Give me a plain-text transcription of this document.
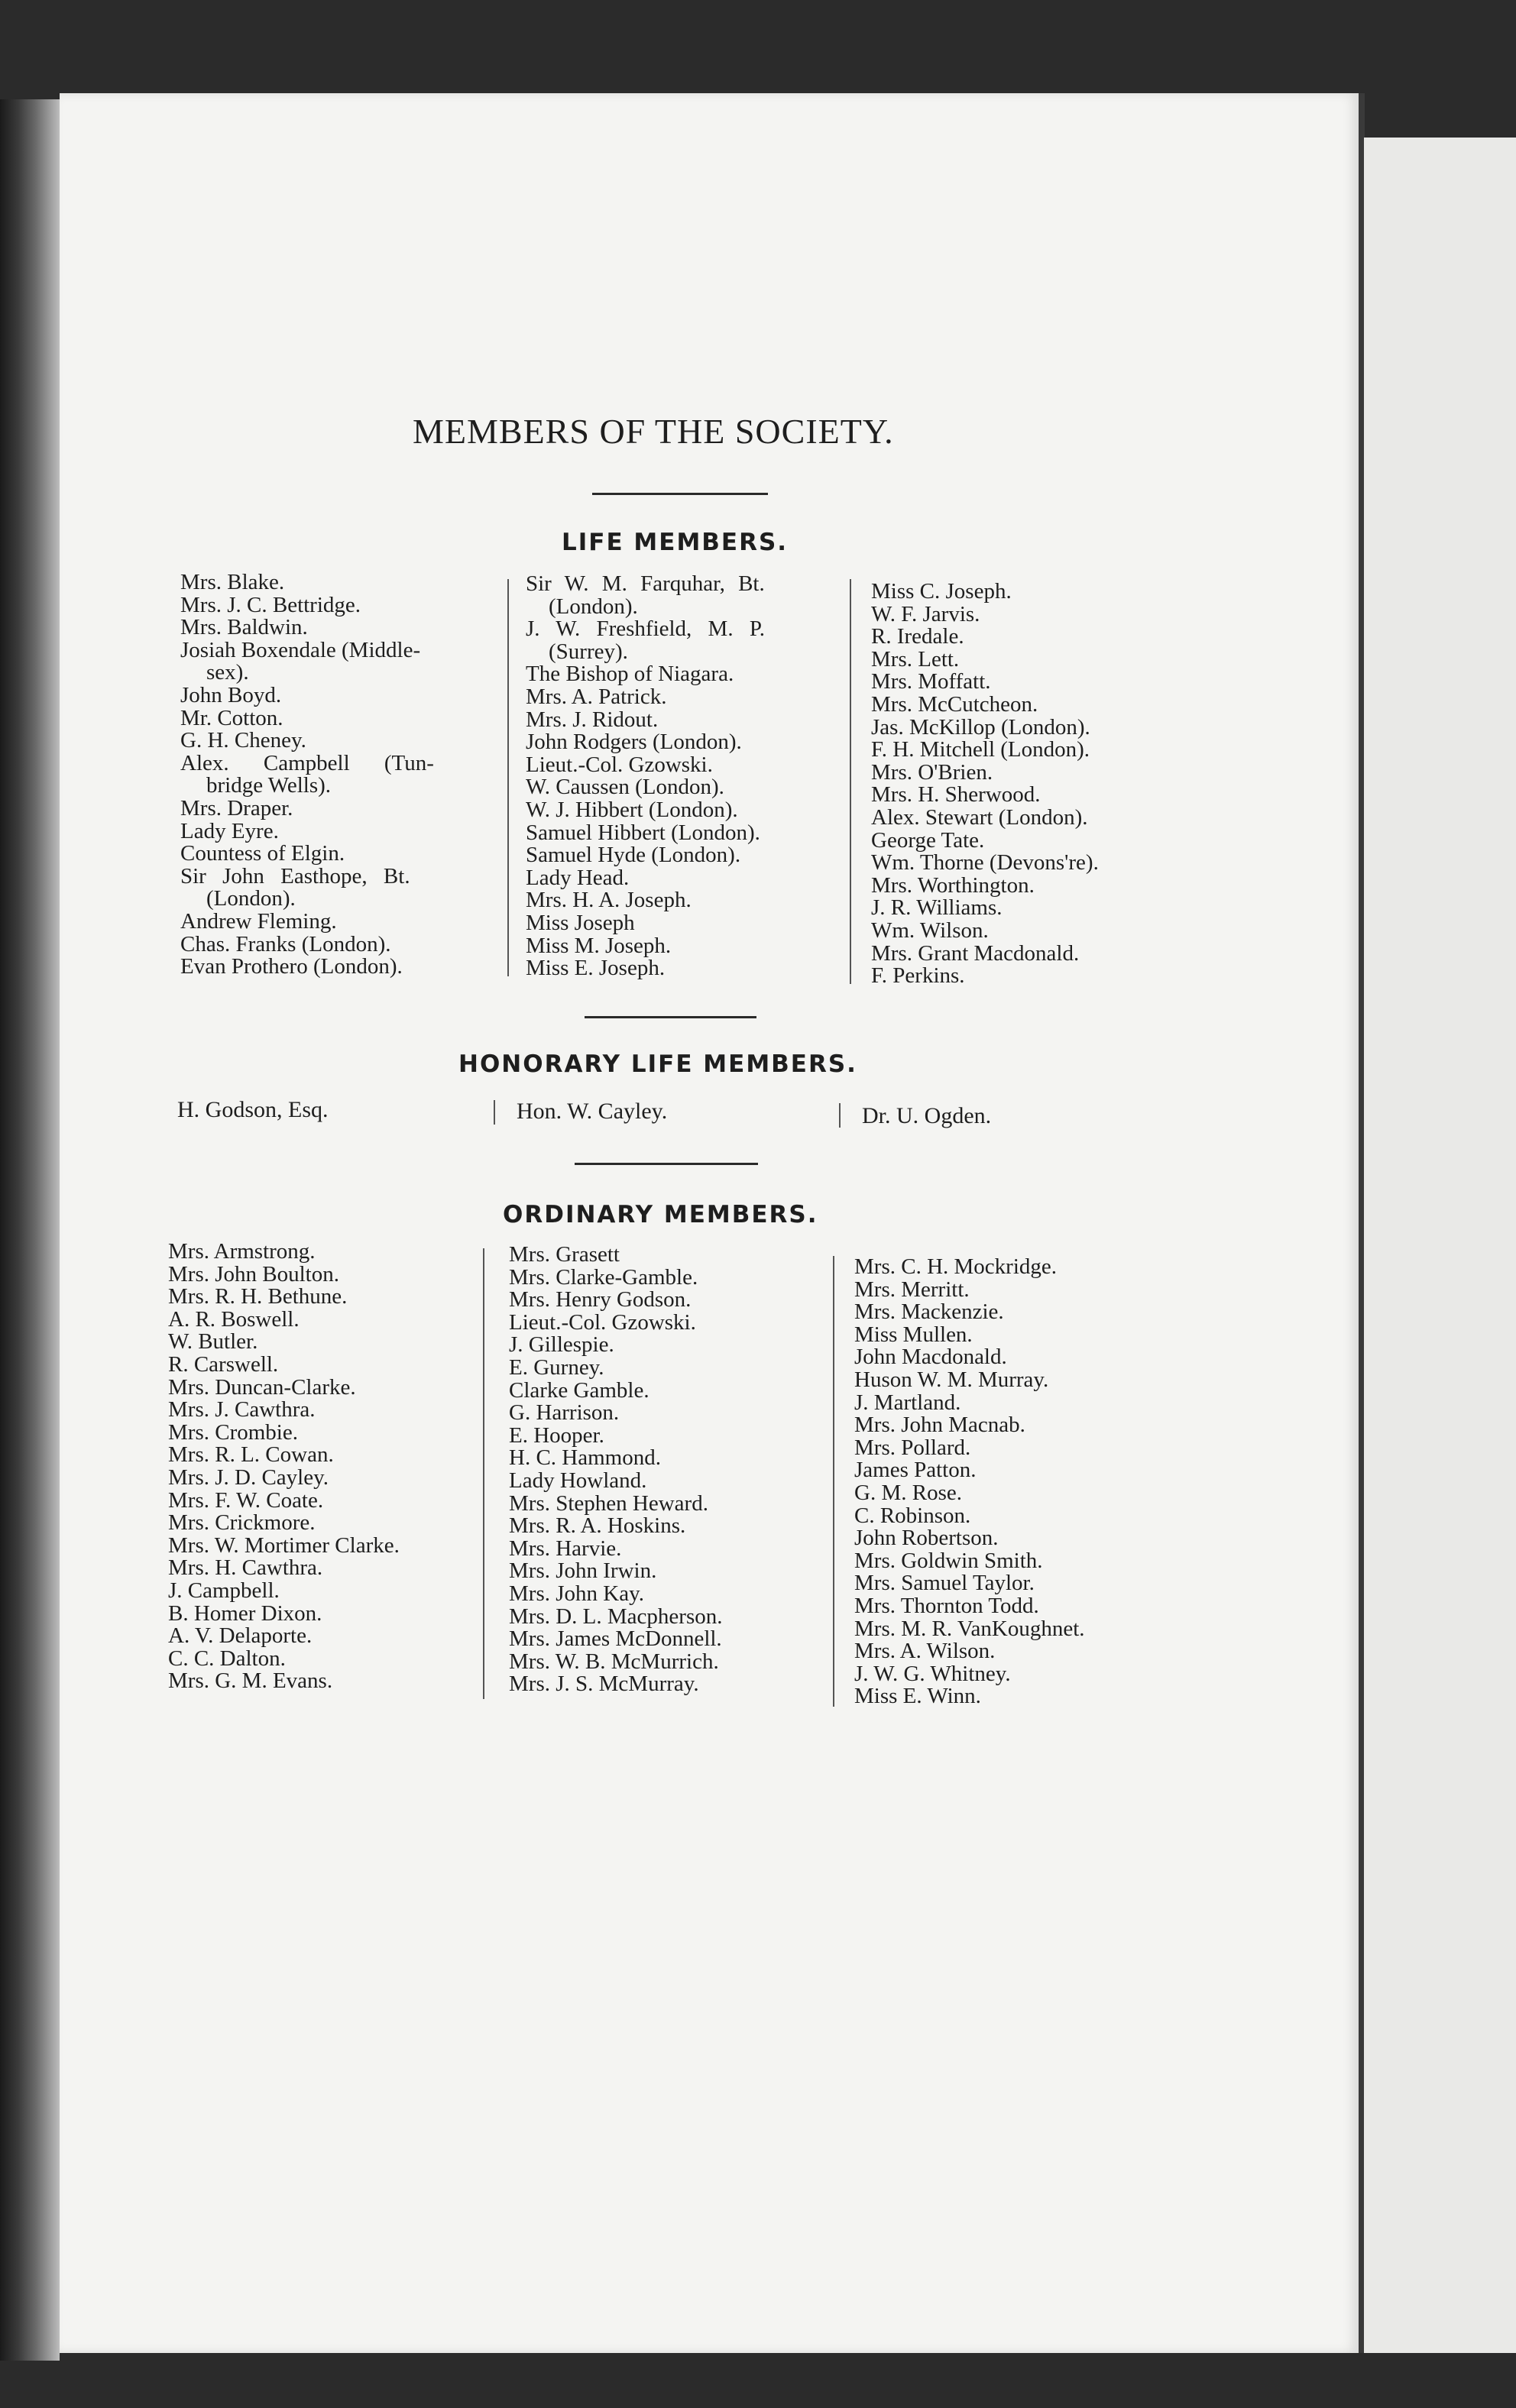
MEMBERS OF THE SOCIETY.
LIFE MEMBERS.
Mrs. Blake.
Mrs. J. C. Bettridge.
Mrs. Baldwin.
Josiah Boxendale (Middle-
sex).
John Boyd.
Mr. Cotton.
G. H. Cheney.
Alex. Campbell (Tun-
bridge Wells).
Mrs. Draper.
Lady Eyre.
Countess of Elgin.
Sir John Easthope, Bt.
(London).
Andrew Fleming.
Chas. Franks (London).
Evan Prothero (London).
Sir W. M. Farquhar, Bt.
(London).
J. W. Freshfield, M. P.
(Surrey).
The Bishop of Niagara.
Mrs. A. Patrick.
Mrs. J. Ridout.
John Rodgers (London).
Lieut.-Col. Gzowski.
W. Caussen (London).
W. J. Hibbert (London).
Samuel Hibbert (London).
Samuel Hyde (London).
Lady Head.
Mrs. H. A. Joseph.
Miss Joseph
Miss M. Joseph.
Miss E. Joseph.
Miss C. Joseph.
W. F. Jarvis.
R. Iredale.
Mrs. Lett.
Mrs. Moffatt.
Mrs. McCutcheon.
Jas. McKillop (London).
F. H. Mitchell (London).
Mrs. O'Brien.
Mrs. H. Sherwood.
Alex. Stewart (London).
George Tate.
Wm. Thorne (Devons're).
Mrs. Worthington.
J. R. Williams.
Wm. Wilson.
Mrs. Grant Macdonald.
F. Perkins.
HONORARY LIFE MEMBERS.
H. Godson, Esq.	Hon. W. Cayley.	Dr. U. Ogden.
ORDINARY MEMBERS.
Mrs. Armstrong.
Mrs. John Boulton.
Mrs. R. H. Bethune.
A. R. Boswell.
W. Butler.
R. Carswell.
Mrs. Duncan-Clarke.
Mrs. J. Cawthra.
Mrs. Crombie.
Mrs. R. L. Cowan.
Mrs. J. D. Cayley.
Mrs. F. W. Coate.
Mrs. Crickmore.
Mrs. W. Mortimer Clarke.
Mrs. H. Cawthra.
J. Campbell.
B. Homer Dixon.
A. V. Delaporte.
C. C. Dalton.
Mrs. G. M. Evans.
Mrs. Grasett
Mrs. Clarke-Gamble.
Mrs. Henry Godson.
Lieut.-Col. Gzowski.
J. Gillespie.
E. Gurney.
Clarke Gamble.
G. Harrison.
E. Hooper.
H. C. Hammond.
Lady Howland.
Mrs. Stephen Heward.
Mrs. R. A. Hoskins.
Mrs. Harvie.
Mrs. John Irwin.
Mrs. John Kay.
Mrs. D. L. Macpherson.
Mrs. James McDonnell.
Mrs. W. B. McMurrich.
Mrs. J. S. McMurray.
Mrs. C. H. Mockridge.
Mrs. Merritt.
Mrs. Mackenzie.
Miss Mullen.
John Macdonald.
Huson W. M. Murray.
J. Martland.
Mrs. John Macnab.
Mrs. Pollard.
James Patton.
G. M. Rose.
C. Robinson.
John Robertson.
Mrs. Goldwin Smith.
Mrs. Samuel Taylor.
Mrs. Thornton Todd.
Mrs. M. R. VanKoughnet.
Mrs. A. Wilson.
J. W. G. Whitney.
Miss E. Winn.
